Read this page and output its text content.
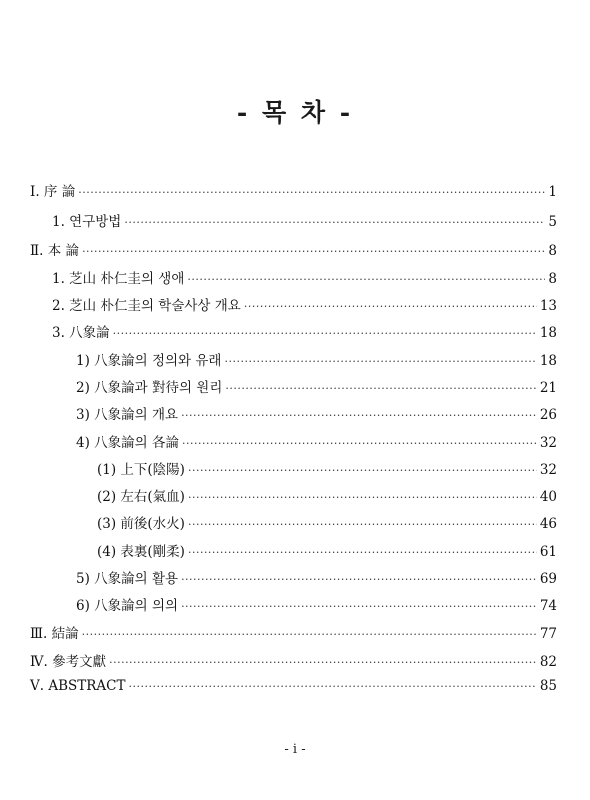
- 목 차 -
Ⅰ. 序 論 ·····	1
1. 연구방법 ·····	5
Ⅱ. 本 論 ·····	8
1. 芝山 朴仁圭의 생애 ·····	8
2. 芝山 朴仁圭의 학술사상 개요 ·····	13
3. 八象論 ·····	18
1) 八象論의 정의와 유래 ·····	18
2) 八象論과 對待의 원리 ·····	21
3) 八象論의 개요 ·····	26
4) 八象論의 各論 ·····	32
(1) 上下(陰陽) ·····	32
(2) 左右(氣血) ·····	40
(3) 前後(水火) ·····	46
(4) 表裏(剛柔) ·····	61
5) 八象論의 활용 ·····	69
6) 八象論의 의의 ·····	74
Ⅲ. 結論 ·····	77
Ⅳ. 參考文獻 ·····	82
Ⅴ. ABSTRACT ·····	85
- i -
